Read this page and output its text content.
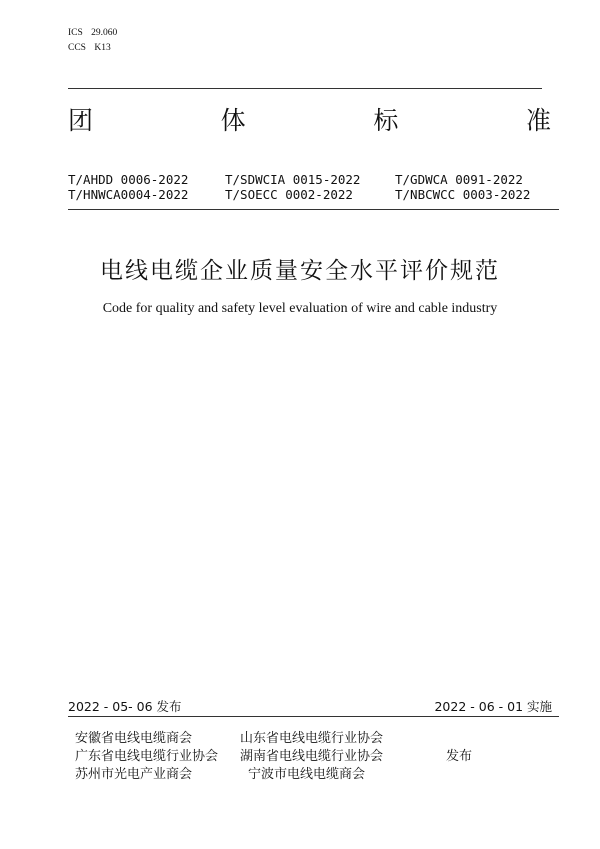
ICS 29.060
CCS K13
团	体	标	准
T/AHDD 0006-2022	T/SDWCIA 0015-2022	T/GDWCA 0091-2022
T/HNWCA0004-2022	T/SOECC 0002-2022	T/NBCWCC 0003-2022
电线电缆企业质量安全水平评价规范
Code for quality and safety level evaluation of wire and cable industry
2022 - 05- 06 发布	2022 - 06 - 01 实施
安徽省电线电缆商会	山东省电线电缆行业协会
广东省电线电缆行业协会	湖南省电线电缆行业协会	发布
苏州市光电产业商会	宁波市电线电缆商会
